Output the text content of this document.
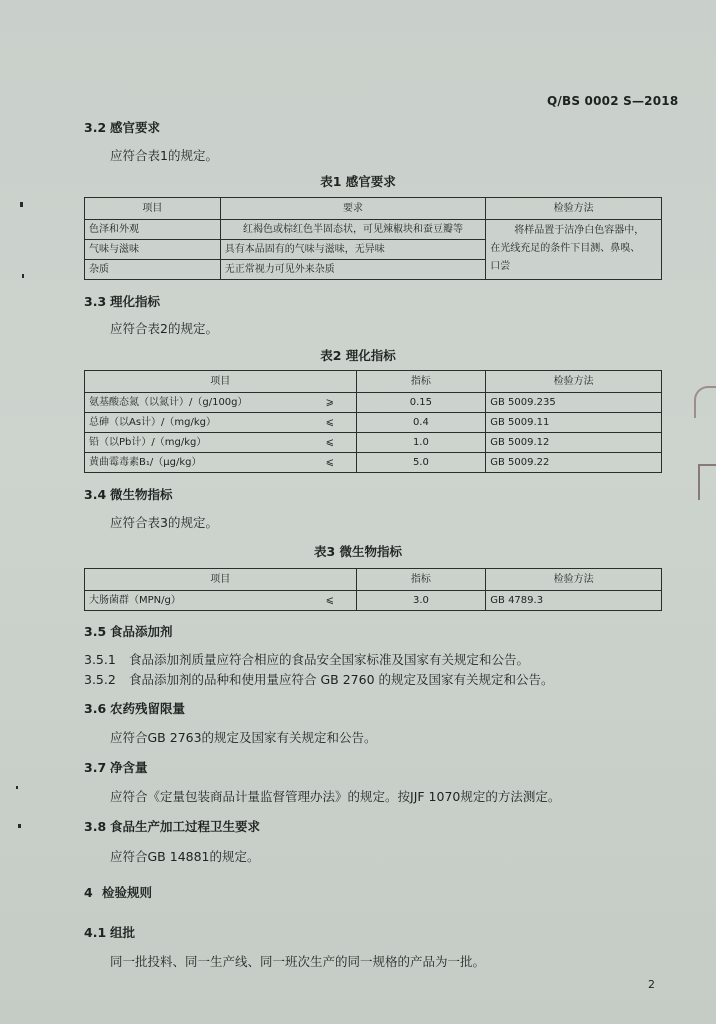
Q/BS 0002 S—2018
3.2 感官要求
应符合表1的规定。
表1 感官要求
项目	要求	检验方法
色泽和外观	红褐色或棕红色半固态状，可见辣椒块和蚕豆瓣等	将样品置于洁净白色容器中，
在光线充足的条件下目测、鼻嗅、
口尝

气味与滋味	具有本品固有的气味与滋味，无异味	
杂质	无正常视力可见外来杂质	
3.3 理化指标
应符合表2的规定。
表2 理化指标
项目		指标	检验方法
氨基酸态氮（以氮计）/（g/100g）	⩾	0.15	GB 5009.235
总砷（以As计）/（mg/kg）	⩽	0.4	GB 5009.11
铅（以Pb计）/（mg/kg）	⩽	1.0	GB 5009.12
黄曲霉毒素B₁/（μg/kg）	⩽	5.0	GB 5009.22
3.4 微生物指标
应符合表3的规定。
表3 微生物指标
项目		指标	检验方法
大肠菌群（MPN/g）	⩽	3.0	GB 4789.3
3.5 食品添加剂
3.5.1 食品添加剂质量应符合相应的食品安全国家标准及国家有关规定和公告。
3.5.2 食品添加剂的品种和使用量应符合 GB 2760 的规定及国家有关规定和公告。
3.6 农药残留限量
应符合GB 2763的规定及国家有关规定和公告。
3.7 净含量
应符合《定量包装商品计量监督管理办法》的规定。按JJF 1070规定的方法测定。
3.8 食品生产加工过程卫生要求
应符合GB 14881的规定。
4 检验规则
4.1 组批
同一批投料、同一生产线、同一班次生产的同一规格的产品为一批。
2
